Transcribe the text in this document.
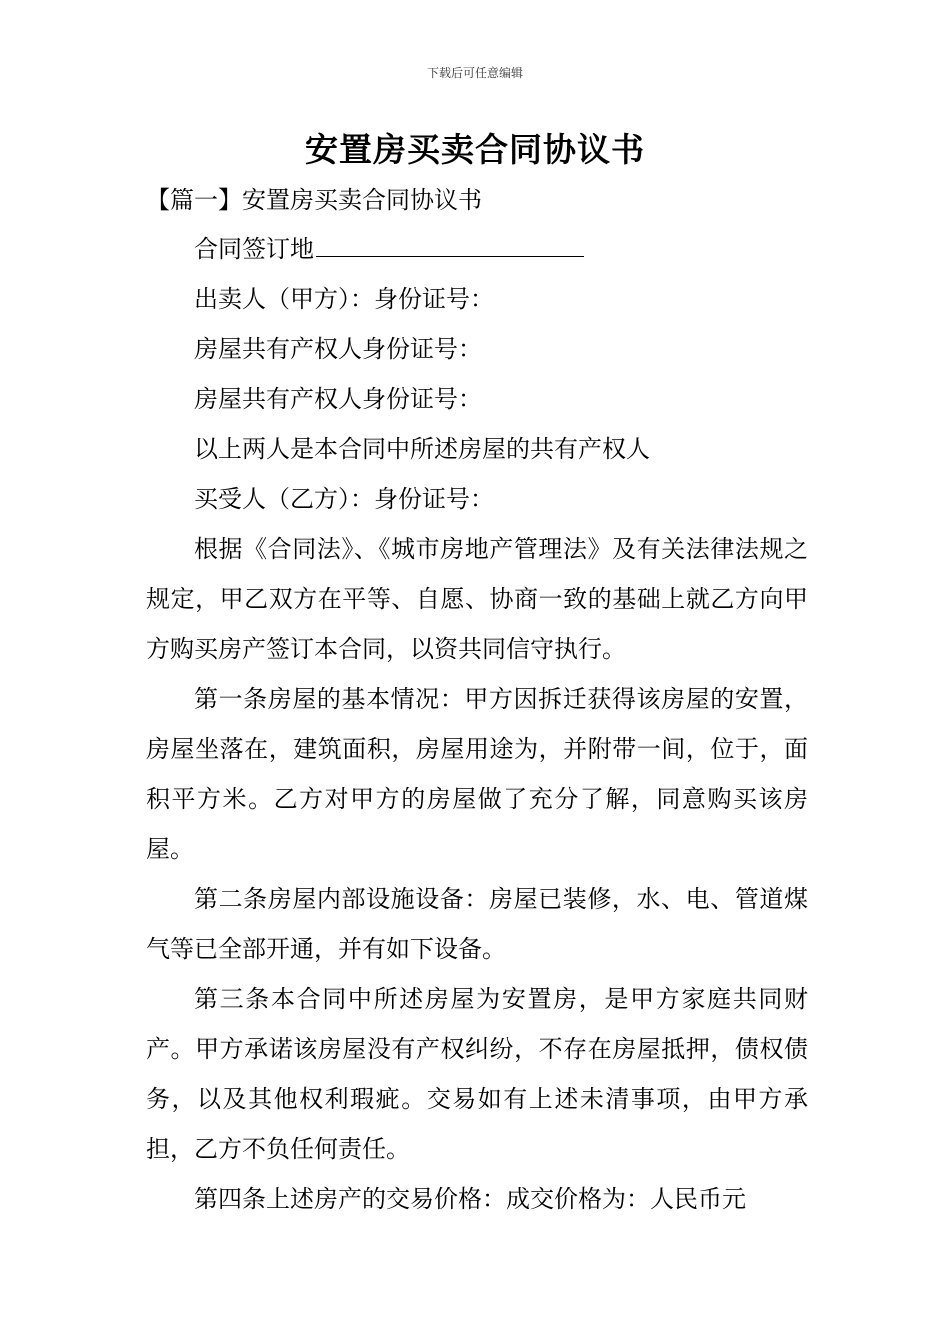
下载后可任意编辑
安置房买卖合同协议书
【篇一】安置房买卖合同协议书

合同签订地

出卖人（甲方）：身份证号：

房屋共有产权人身份证号：

房屋共有产权人身份证号：

以上两人是本合同中所述房屋的共有产权人

买受人（乙方）：身份证号：

根据《合同法》、《城市房地产管理法》及有关法律法规之规定，甲乙双方在平等、自愿、协商一致的基础上就乙方向甲方购买房产签订本合同，以资共同信守执行。

第一条房屋的基本情况：甲方因拆迁获得该房屋的安置，房屋坐落在，建筑面积，房屋用途为，并附带一间，位于，面积平方米。乙方对甲方的房屋做了充分了解，同意购买该房屋。

第二条房屋内部设施设备：房屋已装修，水、电、管道煤气等已全部开通，并有如下设备。

第三条本合同中所述房屋为安置房，是甲方家庭共同财产。甲方承诺该房屋没有产权纠纷，不存在房屋抵押，债权债务，以及其他权利瑕疵。交易如有上述未清事项，由甲方承担，乙方不负任何责任。

第四条上述房产的交易价格：成交价格为：人民币元
